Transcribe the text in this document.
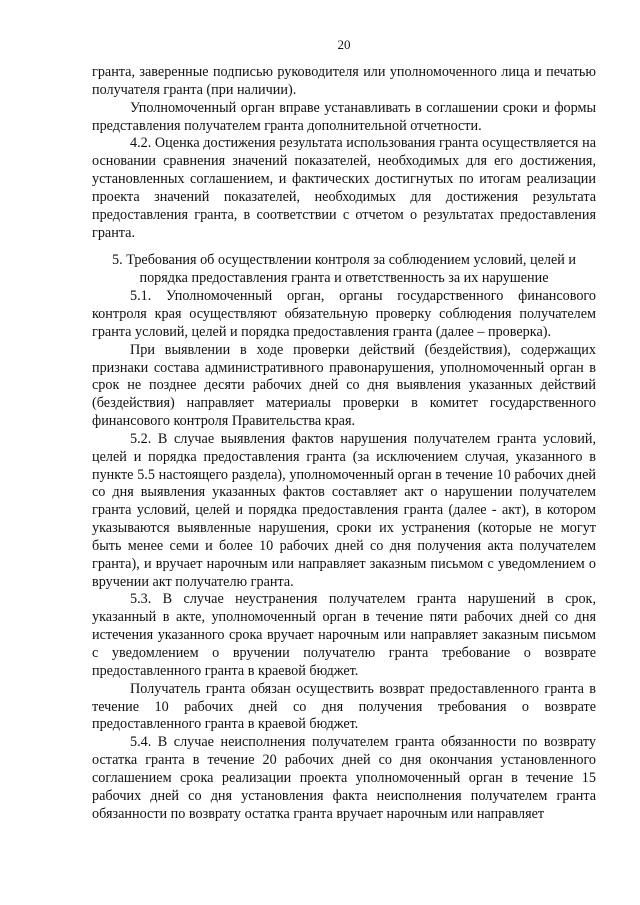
20

гранта, заверенные подписью руководителя или уполномоченного лица и печатью получателя гранта (при наличии).

Уполномоченный орган вправе устанавливать в соглашении сроки и формы представления получателем гранта дополнительной отчетности.

4.2. Оценка достижения результата использования гранта осуществляется на основании сравнения значений показателей, необходимых для его достижения, установленных соглашением, и фактических достигнутых по итогам реализации проекта значений показателей, необходимых для достижения результата предоставления гранта, в соответствии с отчетом о результатах предоставления гранта.

5. Требования об осуществлении контроля за соблюдением условий, целей и порядка предоставления гранта и ответственность за их нарушение

5.1. Уполномоченный орган, органы государственного финансового контроля края осуществляют обязательную проверку соблюдения получателем гранта условий, целей и порядка предоставления гранта (далее – проверка).

При выявлении в ходе проверки действий (бездействия), содержащих признаки состава административного правонарушения, уполномоченный орган в срок не позднее десяти рабочих дней со дня выявления указанных действий (бездействия) направляет материалы проверки в комитет государственного финансового контроля Правительства края.

5.2. В случае выявления фактов нарушения получателем гранта условий, целей и порядка предоставления гранта (за исключением случая, указанного в пункте 5.5 настоящего раздела), уполномоченный орган в течение 10 рабочих дней со дня выявления указанных фактов составляет акт о нарушении получателем гранта условий, целей и порядка предоставления гранта (далее - акт), в котором указываются выявленные нарушения, сроки их устранения (которые не могут быть менее семи и более 10 рабочих дней со дня получения акта получателем гранта), и вручает нарочным или направляет заказным письмом с уведомлением о вручении акт получателю гранта.

5.3. В случае неустранения получателем гранта нарушений в срок, указанный в акте, уполномоченный орган в течение пяти рабочих дней со дня истечения указанного срока вручает нарочным или направляет заказным письмом с уведомлением о вручении получателю гранта требование о возврате предоставленного гранта в краевой бюджет.

Получатель гранта обязан осуществить возврат предоставленного гранта в течение 10 рабочих дней со дня получения требования о возврате предоставленного гранта в краевой бюджет.

5.4. В случае неисполнения получателем гранта обязанности по возврату остатка гранта в течение 20 рабочих дней со дня окончания установленного соглашением срока реализации проекта уполномоченный орган в течение 15 рабочих дней со дня установления факта неисполнения получателем гранта обязанности по возврату остатка гранта вручает нарочным или направляет
